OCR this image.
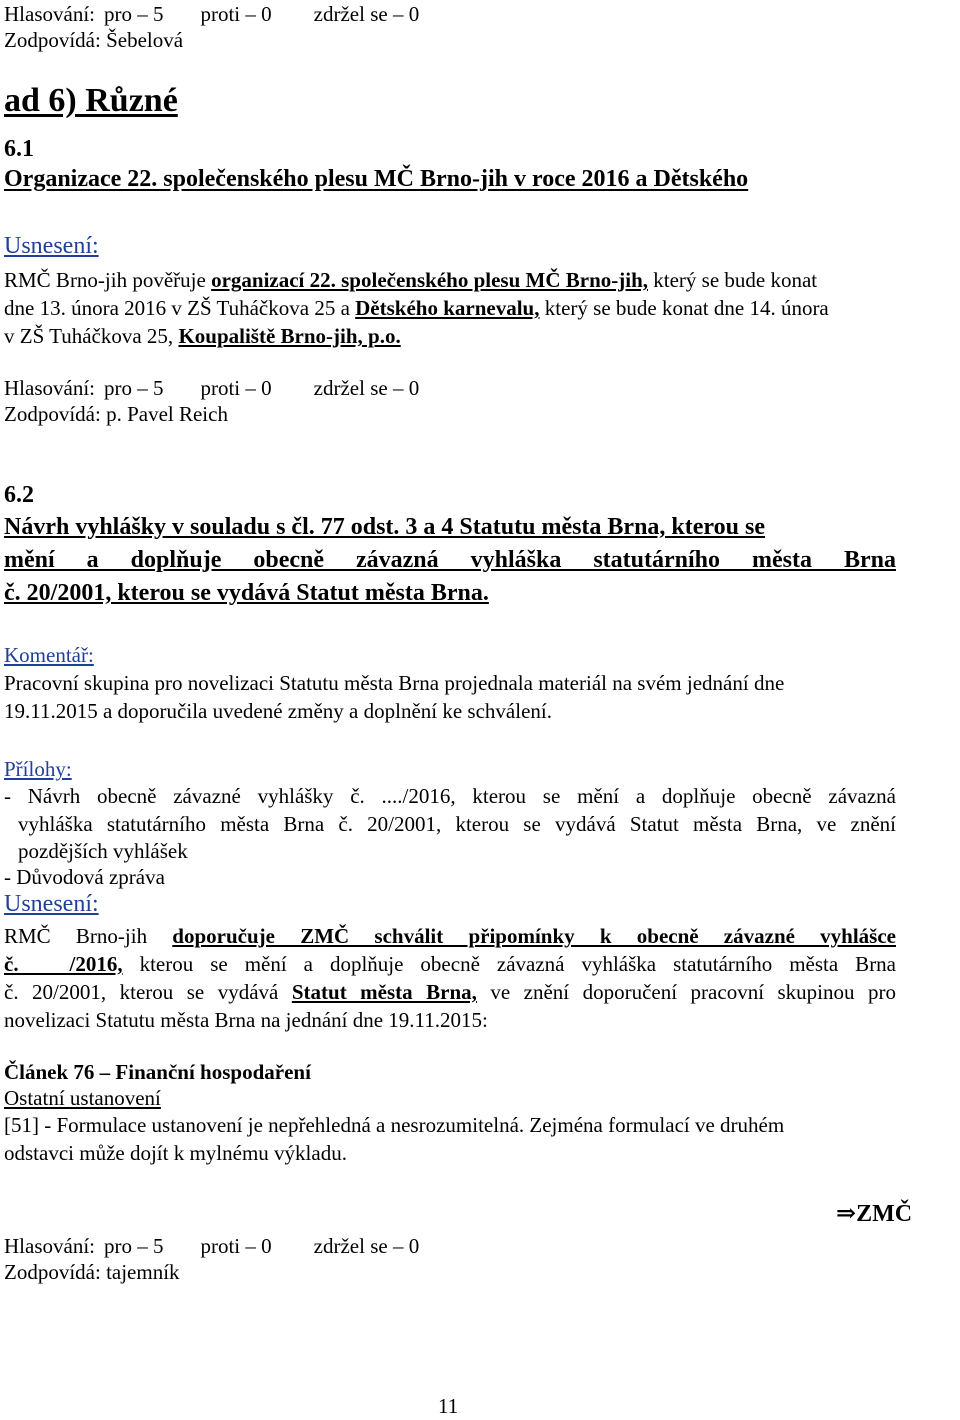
Hlasování: pro – 5 proti – 0 zdržel se – 0
Zodpovídá: Šebelová
ad 6) Různé
6.1
Organizace 22. společenského plesu MČ Brno-jih v roce 2016 a Dětského
Usnesení:
RMČ Brno-jih pověřuje organizací 22. společenského plesu MČ Brno-jih, který se bude konat
dne 13. února 2016 v ZŠ Tuháčkova 25 a Dětského karnevalu, který se bude konat dne 14. února
v ZŠ Tuháčkova 25, Koupaliště Brno-jih, p.o.
Hlasování: pro – 5 proti – 0 zdržel se – 0
Zodpovídá: p. Pavel Reich
6.2
Návrh vyhlášky v souladu s čl. 77 odst. 3 a 4 Statutu města Brna, kterou se
mění a doplňuje obecně závazná vyhláška statutárního města Brna
č. 20/2001, kterou se vydává Statut města Brna.
Komentář:
Pracovní skupina pro novelizaci Statutu města Brna projednala materiál na svém jednání dne
19.11.2015 a doporučila uvedené změny a doplnění ke schválení.
Přílohy:
- Návrh obecně závazné vyhlášky č. ..../2016, kterou se mění a doplňuje obecně závazná
vyhláška statutárního města Brna č. 20/2001, kterou se vydává Statut města Brna, ve znění
pozdějších vyhlášek
- Důvodová zpráva
Usnesení:
RMČ Brno-jih doporučuje ZMČ schválit připomínky k obecně závazné vyhlášce
č.   /2016, kterou se mění a doplňuje obecně závazná vyhláška statutárního města Brna
č. 20/2001, kterou se vydává Statut města Brna, ve znění doporučení pracovní skupinou pro
novelizaci Statutu města Brna na jednání dne 19.11.2015:
Článek 76 – Finanční hospodaření
Ostatní ustanovení
[51] - Formulace ustanovení je nepřehledná a nesrozumitelná. Zejména formulací ve druhém
odstavci může dojít k mylnému výkladu.
⇒ZMČ
Hlasování: pro – 5 proti – 0 zdržel se – 0
Zodpovídá: tajemník
11
